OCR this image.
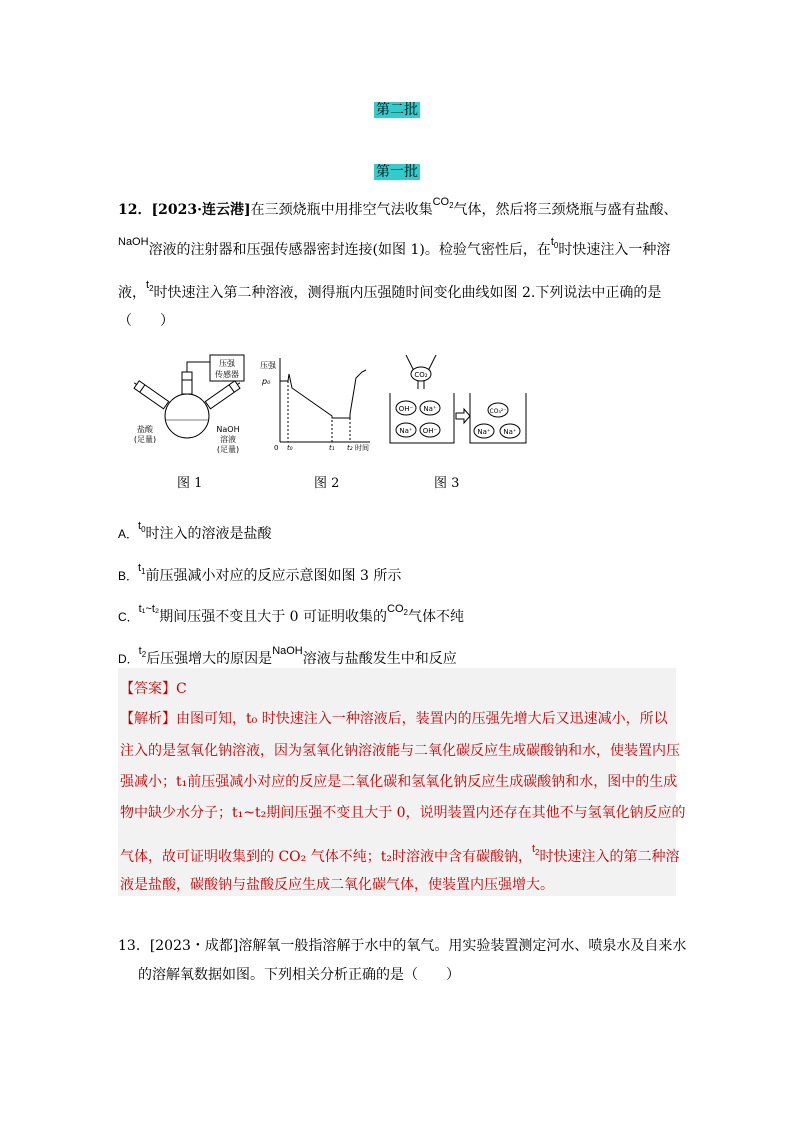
第二批
第一批
12．[2023·连云港]在三颈烧瓶中用排空气法收集$^{CO_2}$气体，然后将三颈烧瓶与盛有盐酸、
$^{NaOH}$溶液的注射器和压强传感器密封连接(如图 1)。检验气密性后，在$^{t_0}$时快速注入一种溶
液，$^{t_2}$时快速注入第二种溶液，测得瓶内压强随时间变化曲线如图 2.下列说法中正确的是
（　　）
压强
传感器
盐酸
(足量)
NaOH
溶液
(足量)
图 1
压强
p₀
0 t₀	t₁ t₂ 时间
图 2
CO₂
OH⁻ Na⁺
Na⁺ OH⁻
CO₃²⁻
Na⁺ Na⁺
图 3
A．$^{t_0}$时注入的溶液是盐酸
B．$^{t_1}$前压强减小对应的反应示意图如图 3 所示
C．$^{t_1\sim t_2}$期间压强不变且大于 0 可证明收集的$^{CO_2}$气体不纯
D．$^{t_2}$后压强增大的原因是$^{NaOH}$溶液与盐酸发生中和反应
【答案】C
【解析】由图可知，t₀ 时快速注入一种溶液后，装置内的压强先增大后又迅速减小，所以
注入的是氢氧化钠溶液，因为氢氧化钠溶液能与二氧化碳反应生成碳酸钠和水，使装置内压
强减小；t₁前压强减小对应的反应是二氧化碳和氢氧化钠反应生成碳酸钠和水，图中的生成
物中缺少水分子；t₁~t₂期间压强不变且大于 0，说明装置内还存在其他不与氢氧化钠反应的
气体，故可证明收集到的 CO₂ 气体不纯；t₂时溶液中含有碳酸钠，$^{t_2}$时快速注入的第二种溶
液是盐酸，碳酸钠与盐酸反应生成二氧化碳气体，使装置内压强增大。
13．[2023・成都]溶解氧一般指溶解于水中的氧气。用实验装置测定河水、喷泉水及自来水
的溶解氧数据如图。下列相关分析正确的是（　　）
